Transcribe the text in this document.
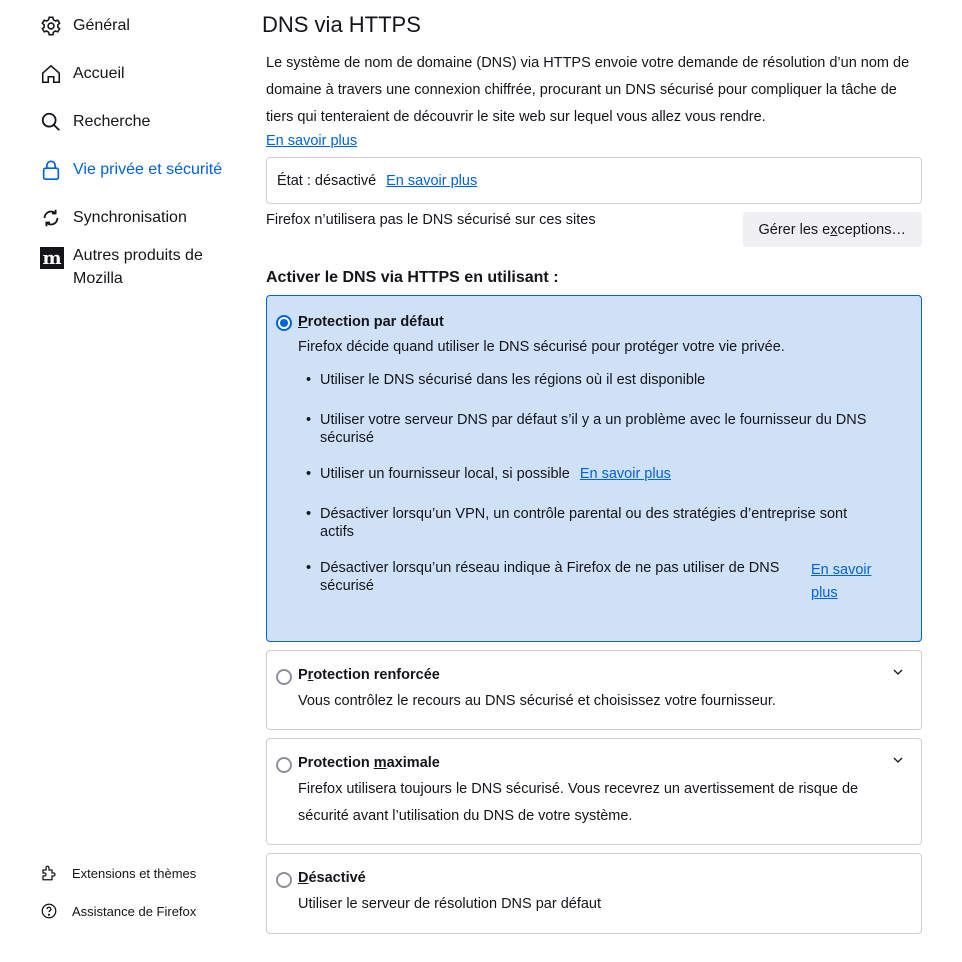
Général
Accueil
Recherche
Vie privée et sécurité
Synchronisation
m Autres produits de Mozilla
Extensions et thèmes
Assistance de Firefox
DNS via HTTPS

Le système de nom de domaine (DNS) via HTTPS envoie votre demande de résolution d’un nom de domaine à travers une connexion chiffrée, procurant un DNS sécurisé pour compliquer la tâche de tiers qui tenteraient de découvrir le site web sur lequel vous allez vous rendre.

En savoir plus
État : désactivé En savoir plus
Firefox n’utilisera pas le DNS sécurisé sur ces sites
Gérer les e x ceptions…
Activer le DNS via HTTPS en utilisant :
Protection par défaut
Firefox décide quand utiliser le DNS sécurisé pour protéger votre vie privée.
• Utiliser le DNS sécurisé dans les régions où il est disponible
• Utiliser votre serveur DNS par défaut s’il y a un problème avec le fournisseur du DNS sécurisé
• Utiliser un fournisseur local, si possible En savoir plus
• Désactiver lorsqu’un VPN, un contrôle parental ou des stratégies d’entreprise sont actifs
• Désactiver lorsqu’un réseau indique à Firefox de ne pas utiliser de DNS sécurisé
En savoir plus
Protection renforcée
Vous contrôlez le recours au DNS sécurisé et choisissez votre fournisseur.
Protection maximale
Firefox utilisera toujours le DNS sécurisé. Vous recevrez un avertissement de risque de sécurité avant l’utilisation du DNS de votre système.
Désactivé
Utiliser le serveur de résolution DNS par défaut
